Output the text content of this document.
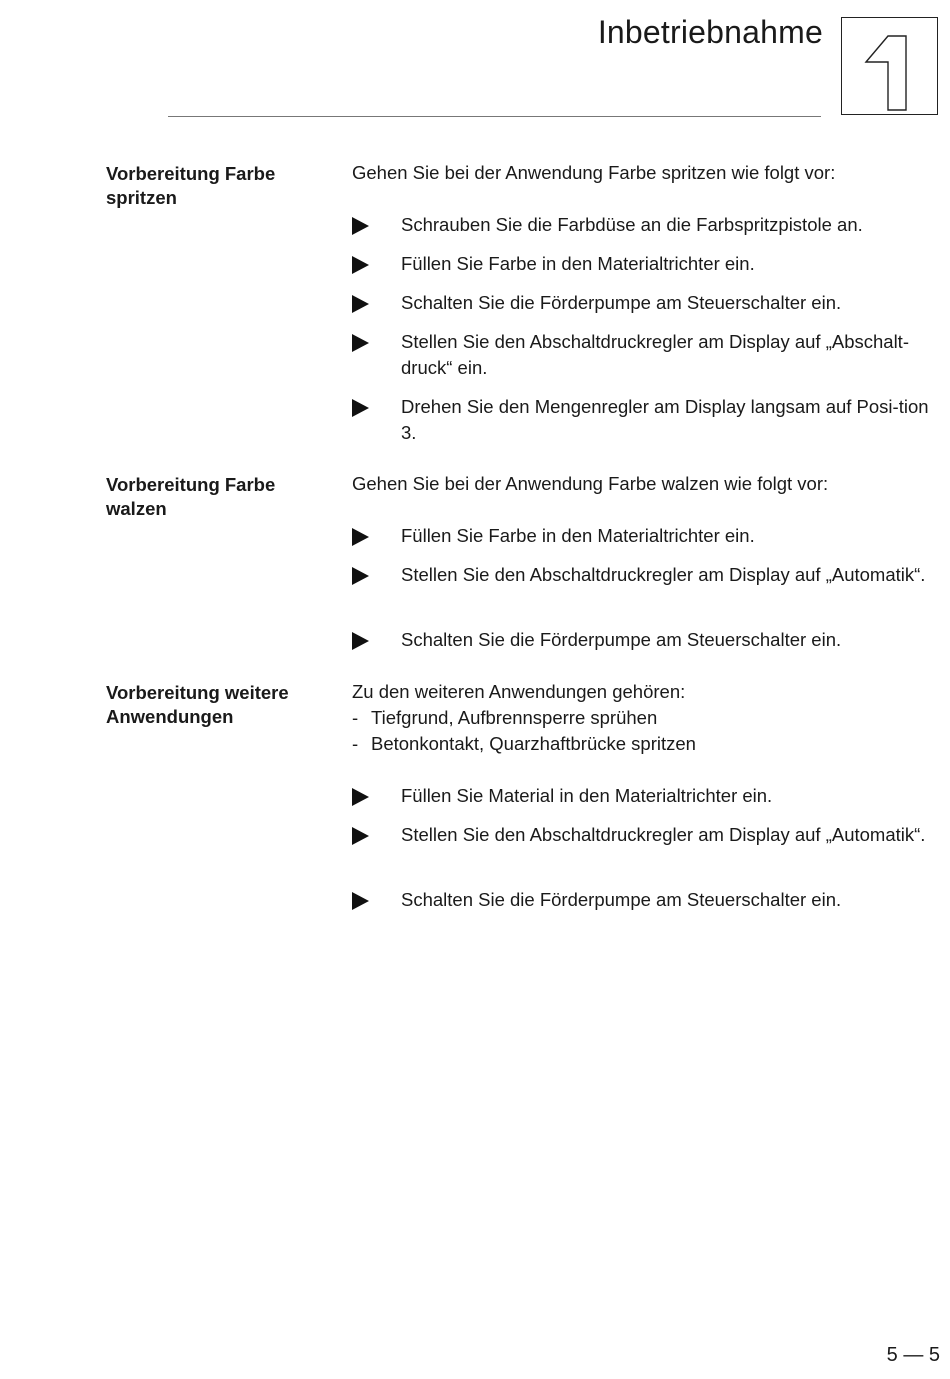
Inbetriebnahme
Vorbereitung Farbe spritzen
Gehen Sie bei der Anwendung Farbe spritzen wie folgt vor:
Schrauben Sie die Farbdüse an die Farbspritzpistole an.
Füllen Sie Farbe in den Materialtrichter ein.
Schalten Sie die Förderpumpe am Steuerschalter ein.
Stellen Sie den Abschaltdruckregler am Display auf „Abschalt-druck“ ein.
Drehen Sie den Mengenregler am Display langsam auf Posi-tion 3.
Vorbereitung Farbe walzen
Gehen Sie bei der Anwendung Farbe walzen wie folgt vor:
Füllen Sie Farbe in den Materialtrichter ein.
Stellen Sie den Abschaltdruckregler am Display auf „Automatik“.
Schalten Sie die Förderpumpe am Steuerschalter ein.
Vorbereitung weitere Anwendungen
Zu den weiteren Anwendungen gehören:
- Tiefgrund, Aufbrennsperre sprühen
- Betonkontakt, Quarzhaftbrücke spritzen
Füllen Sie Material in den Materialtrichter ein.
Stellen Sie den Abschaltdruckregler am Display auf „Automatik“.
Schalten Sie die Förderpumpe am Steuerschalter ein.
5 — 5
